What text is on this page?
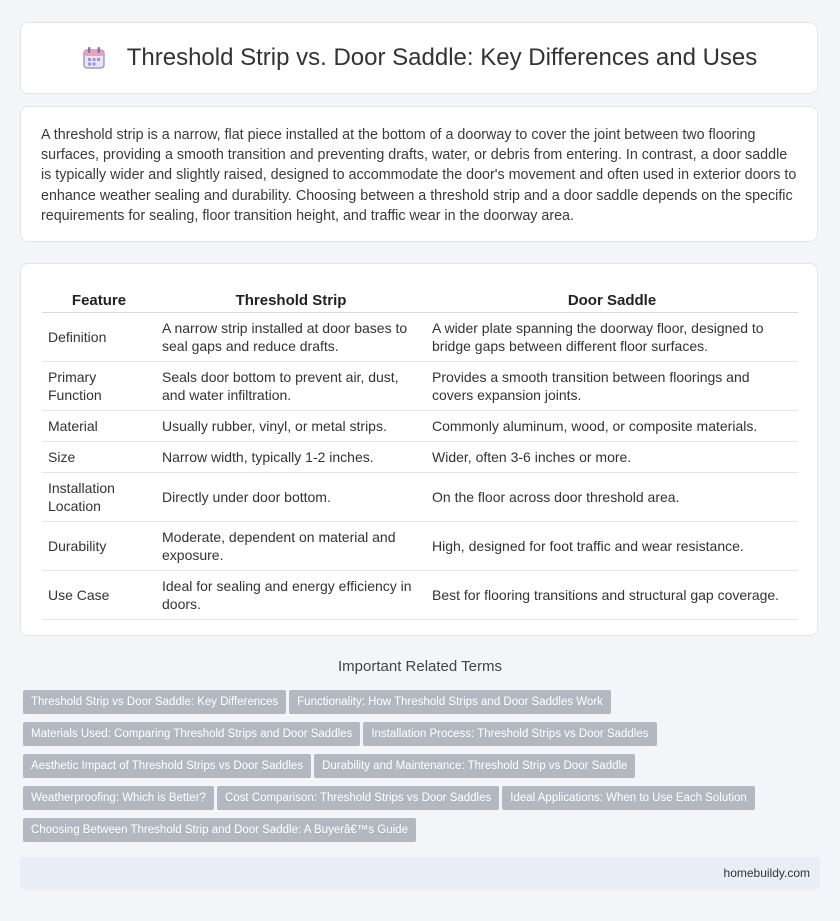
Threshold Strip vs. Door Saddle: Key Differences and Uses

A threshold strip is a narrow, flat piece installed at the bottom of a doorway to cover the joint between two flooring surfaces, providing a smooth transition and preventing drafts, water, or debris from entering. In contrast, a door saddle is typically wider and slightly raised, designed to accommodate the door's movement and often used in exterior doors to enhance weather sealing and durability. Choosing between a threshold strip and a door saddle depends on the specific requirements for sealing, floor transition height, and traffic wear in the doorway area.

Feature	Threshold Strip	Door Saddle
Definition	A narrow strip installed at door bases to seal gaps and reduce drafts.	A wider plate spanning the doorway floor, designed to bridge gaps between different floor surfaces.
Primary Function	Seals door bottom to prevent air, dust, and water infiltration.	Provides a smooth transition between floorings and covers expansion joints.
Material	Usually rubber, vinyl, or metal strips.	Commonly aluminum, wood, or composite materials.
Size	Narrow width, typically 1-2 inches.	Wider, often 3-6 inches or more.
Installation Location	Directly under door bottom.	On the floor across door threshold area.
Durability	Moderate, dependent on material and exposure.	High, designed for foot traffic and wear resistance.
Use Case	Ideal for sealing and energy efficiency in doors.	Best for flooring transitions and structural gap coverage.
Important Related Terms
Threshold Strip vs Door Saddle: Key Differences Functionality: How Threshold Strips and Door Saddles Work
Materials Used: Comparing Threshold Strips and Door Saddles Installation Process: Threshold Strips vs Door Saddles
Aesthetic Impact of Threshold Strips vs Door Saddles Durability and Maintenance: Threshold Strip vs Door Saddle
Weatherproofing: Which is Better? Cost Comparison: Threshold Strips vs Door Saddles Ideal Applications: When to Use Each Solution
Choosing Between Threshold Strip and Door Saddle: A Buyerâ€™s Guide
homebuildy.com
